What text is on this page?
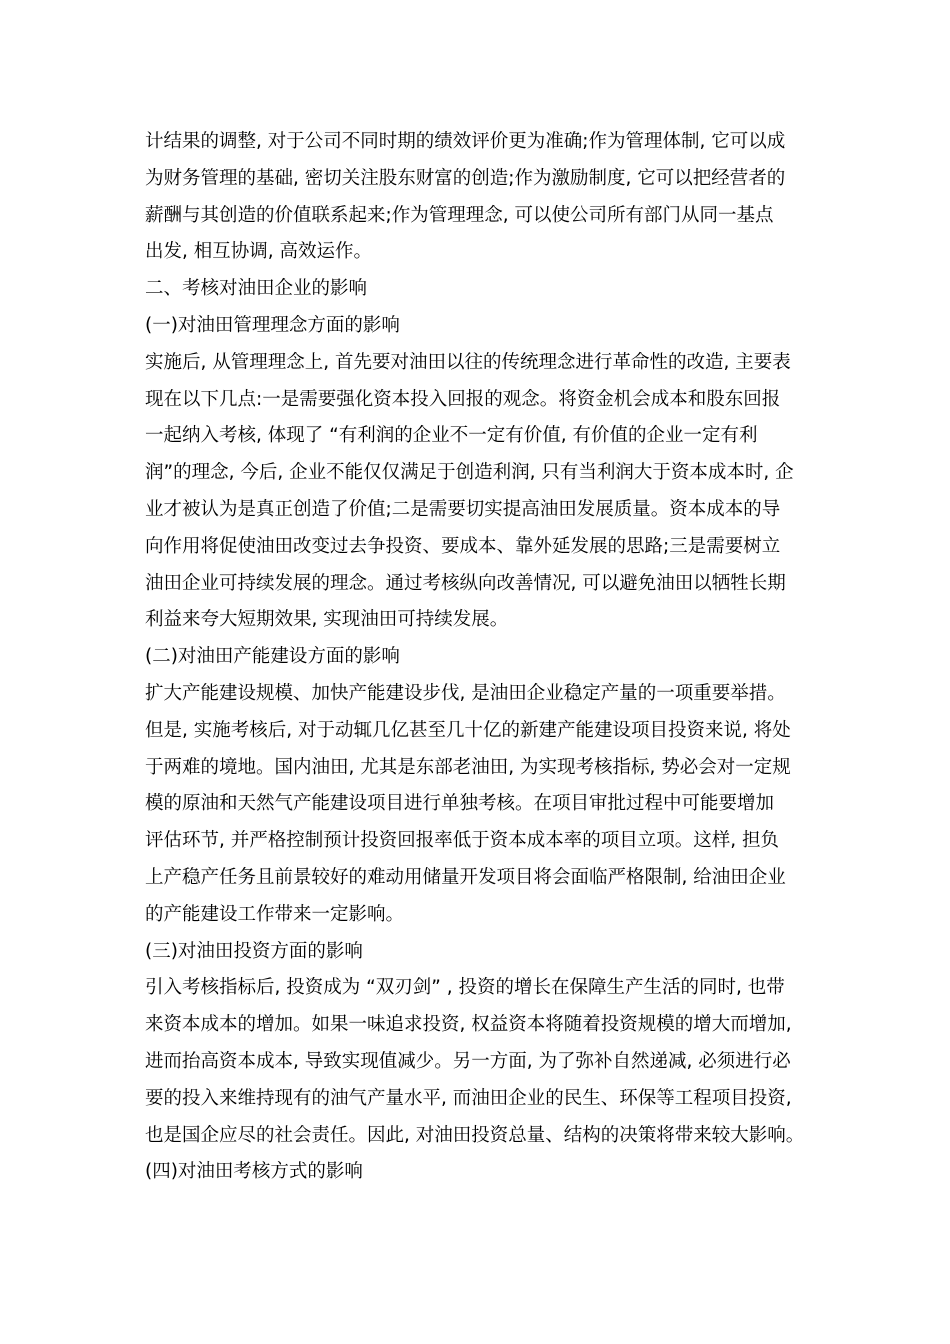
计结果的调整, 对于公司不同时期的绩效评价更为准确;作为管理体制, 它可以成
为财务管理的基础, 密切关注股东财富的创造;作为激励制度, 它可以把经营者的
薪酬与其创造的价值联系起来;作为管理理念, 可以使公司所有部门从同一基点
出发, 相互协调, 高效运作。
二、考核对油田企业的影响
(一)对油田管理理念方面的影响
实施后, 从管理理念上, 首先要对油田以往的传统理念进行革命性的改造, 主要表
现在以下几点:一是需要强化资本投入回报的观念。将资金机会成本和股东回报
一起纳入考核, 体现了 “有利润的企业不一定有价值, 有价值的企业一定有利
润”的理念, 今后, 企业不能仅仅满足于创造利润, 只有当利润大于资本成本时, 企
业才被认为是真正创造了价值;二是需要切实提高油田发展质量。资本成本的导
向作用将促使油田改变过去争投资、要成本、靠外延发展的思路;三是需要树立
油田企业可持续发展的理念。通过考核纵向改善情况, 可以避免油田以牺牲长期
利益来夸大短期效果, 实现油田可持续发展。
(二)对油田产能建设方面的影响
扩大产能建设规模、加快产能建设步伐, 是油田企业稳定产量的一项重要举措。
但是, 实施考核后, 对于动辄几亿甚至几十亿的新建产能建设项目投资来说, 将处
于两难的境地。国内油田, 尤其是东部老油田, 为实现考核指标, 势必会对一定规
模的原油和天然气产能建设项目进行单独考核。在项目审批过程中可能要增加
评估环节, 并严格控制预计投资回报率低于资本成本率的项目立项。这样, 担负
上产稳产任务且前景较好的难动用储量开发项目将会面临严格限制, 给油田企业
的产能建设工作带来一定影响。
(三)对油田投资方面的影响
引入考核指标后, 投资成为 “双刃剑” , 投资的增长在保障生产生活的同时, 也带
来资本成本的增加。如果一味追求投资, 权益资本将随着投资规模的增大而增加,
进而抬高资本成本, 导致实现值减少。另一方面, 为了弥补自然递减, 必须进行必
要的投入来维持现有的油气产量水平, 而油田企业的民生、环保等工程项目投资,
也是国企应尽的社会责任。因此, 对油田投资总量、结构的决策将带来较大影响。
(四)对油田考核方式的影响
